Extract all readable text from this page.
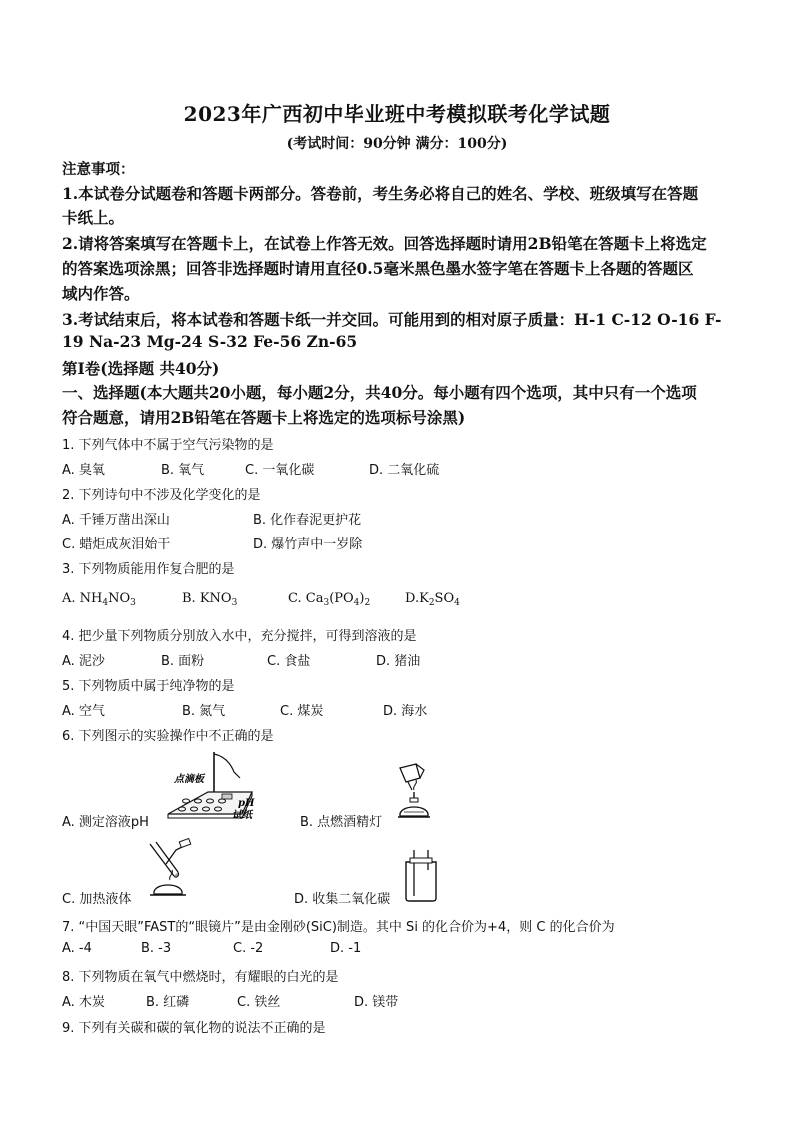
2023年广西初中毕业班中考模拟联考化学试题
(考试时间：90分钟 满分：100分)
注意事项：
1.本试卷分试题卷和答题卡两部分。答卷前，考生务必将自己的姓名、学校、班级填写在答题
卡纸上。
2.请将答案填写在答题卡上，在试卷上作答无效。回答选择题时请用2B铅笔在答题卡上将选定
的答案选项涂黑；回答非选择题时请用直径0.5毫米黑色墨水签字笔在答题卡上各题的答题区
域内作答。
3.考试结束后，将本试卷和答题卡纸一并交回。可能用到的相对原子质量：H-1 C-12 O-16 F-
19 Na-23 Mg-24 S-32 Fe-56 Zn-65
第Ⅰ卷(选择题 共40分)
一、选择题(本大题共20小题，每小题2分，共40分。每小题有四个选项，其中只有一个选项
符合题意，请用2B铅笔在答题卡上将选定的选项标号涂黑)
1. 下列气体中不属于空气污染物的是
A. 臭氧	B. 氧气	C. 一氧化碳	D. 二氧化硫
2. 下列诗句中不涉及化学变化的是
A. 千锤万凿出深山	B. 化作春泥更护花
C. 蜡炬成灰泪始干	D. 爆竹声中一岁除
3. 下列物质能用作复合肥的是
A. $NH_4NO_3$	B. $KNO_3$	C. $Ca_3(PO_4)_2$	$D.K_2SO_4$
4. 把少量下列物质分别放入水中，充分搅拌，可得到溶液的是
A. 泥沙	B. 面粉	C. 食盐	D. 猪油
5. 下列物质中属于纯净物的是
A. 空气	B. 氮气	C. 煤炭	D. 海水
6. 下列图示的实验操作中不正确的是
点滴板
pH
试纸
A. 测定溶液pH	B. 点燃酒精灯
C. 加热液体	D. 收集二氧化碳
7. “中国天眼”FAST的“眼镜片”是由金刚砂(SiC)制造。其中 Si 的化合价为+4，则 C 的化合价为
A. -4	B. -3	C. -2	D. -1
8. 下列物质在氧气中燃烧时，有耀眼的白光的是
A. 木炭	B. 红磷	C. 铁丝	D. 镁带
9. 下列有关碳和碳的氧化物的说法不正确的是
